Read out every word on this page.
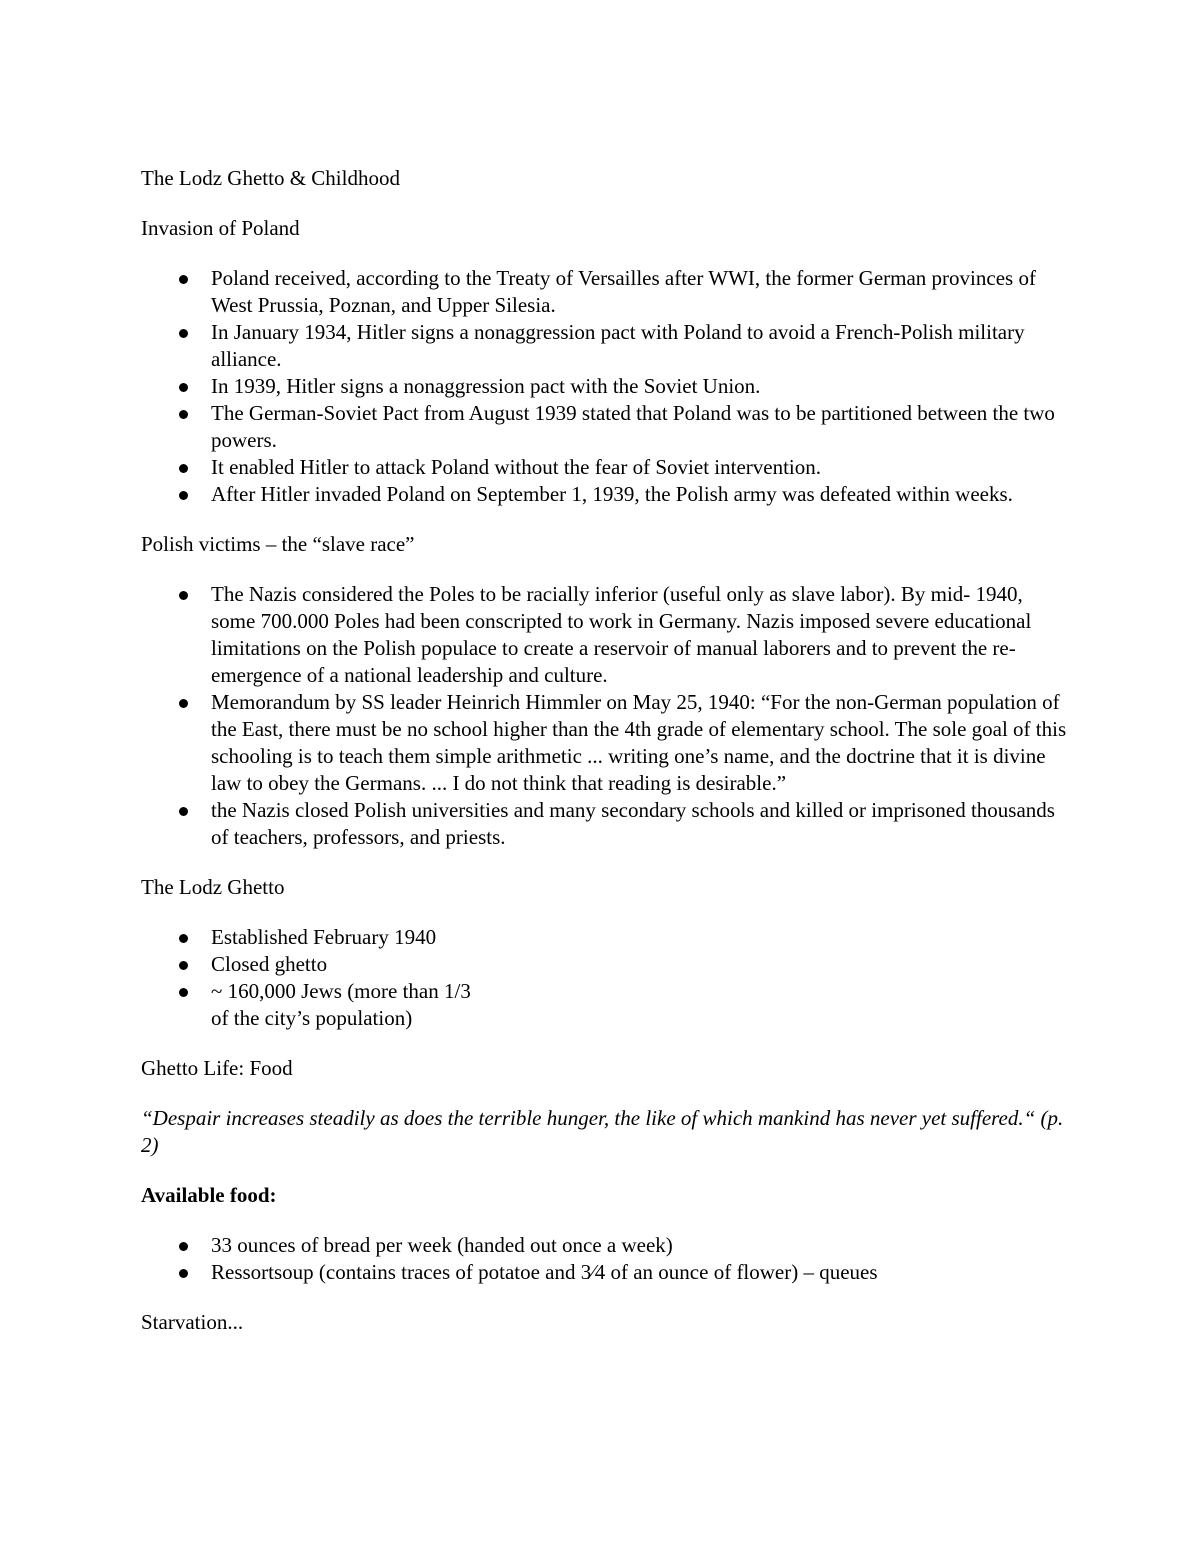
The Lodz Ghetto & Childhood
Invasion of Poland
Poland received, according to the Treaty of Versailles after WWI, the former German provinces of West Prussia, Poznan, and Upper Silesia.
In January 1934, Hitler signs a nonaggression pact with Poland to avoid a French-Polish military alliance.
In 1939, Hitler signs a nonaggression pact with the Soviet Union.
The German-Soviet Pact from August 1939 stated that Poland was to be partitioned between the two powers.
It enabled Hitler to attack Poland without the fear of Soviet intervention.
After Hitler invaded Poland on September 1, 1939, the Polish army was defeated within weeks.
Polish victims – the “slave race”
The Nazis considered the Poles to be racially inferior (useful only as slave labor). By mid- 1940, some 700.000 Poles had been conscripted to work in Germany. Nazis imposed severe educational limitations on the Polish populace to create a reservoir of manual laborers and to prevent the re-emergence of a national leadership and culture.
Memorandum by SS leader Heinrich Himmler on May 25, 1940: “For the non-German population of the East, there must be no school higher than the 4th grade of elementary school. The sole goal of this schooling is to teach them simple arithmetic ... writing one’s name, and the doctrine that it is divine law to obey the Germans. ... I do not think that reading is desirable.”
the Nazis closed Polish universities and many secondary schools and killed or imprisoned thousands of teachers, professors, and priests.
The Lodz Ghetto
Established February 1940
Closed ghetto
~ 160,000 Jews (more than 1/3
of the city’s population)
Ghetto Life: Food
“Despair increases steadily as does the terrible hunger, the like of which mankind has never yet suffered.“ (p. 2)
Available food:
33 ounces of bread per week (handed out once a week)
Ressortsoup (contains traces of potatoe and 3⁄4 of an ounce of flower) – queues
Starvation...
